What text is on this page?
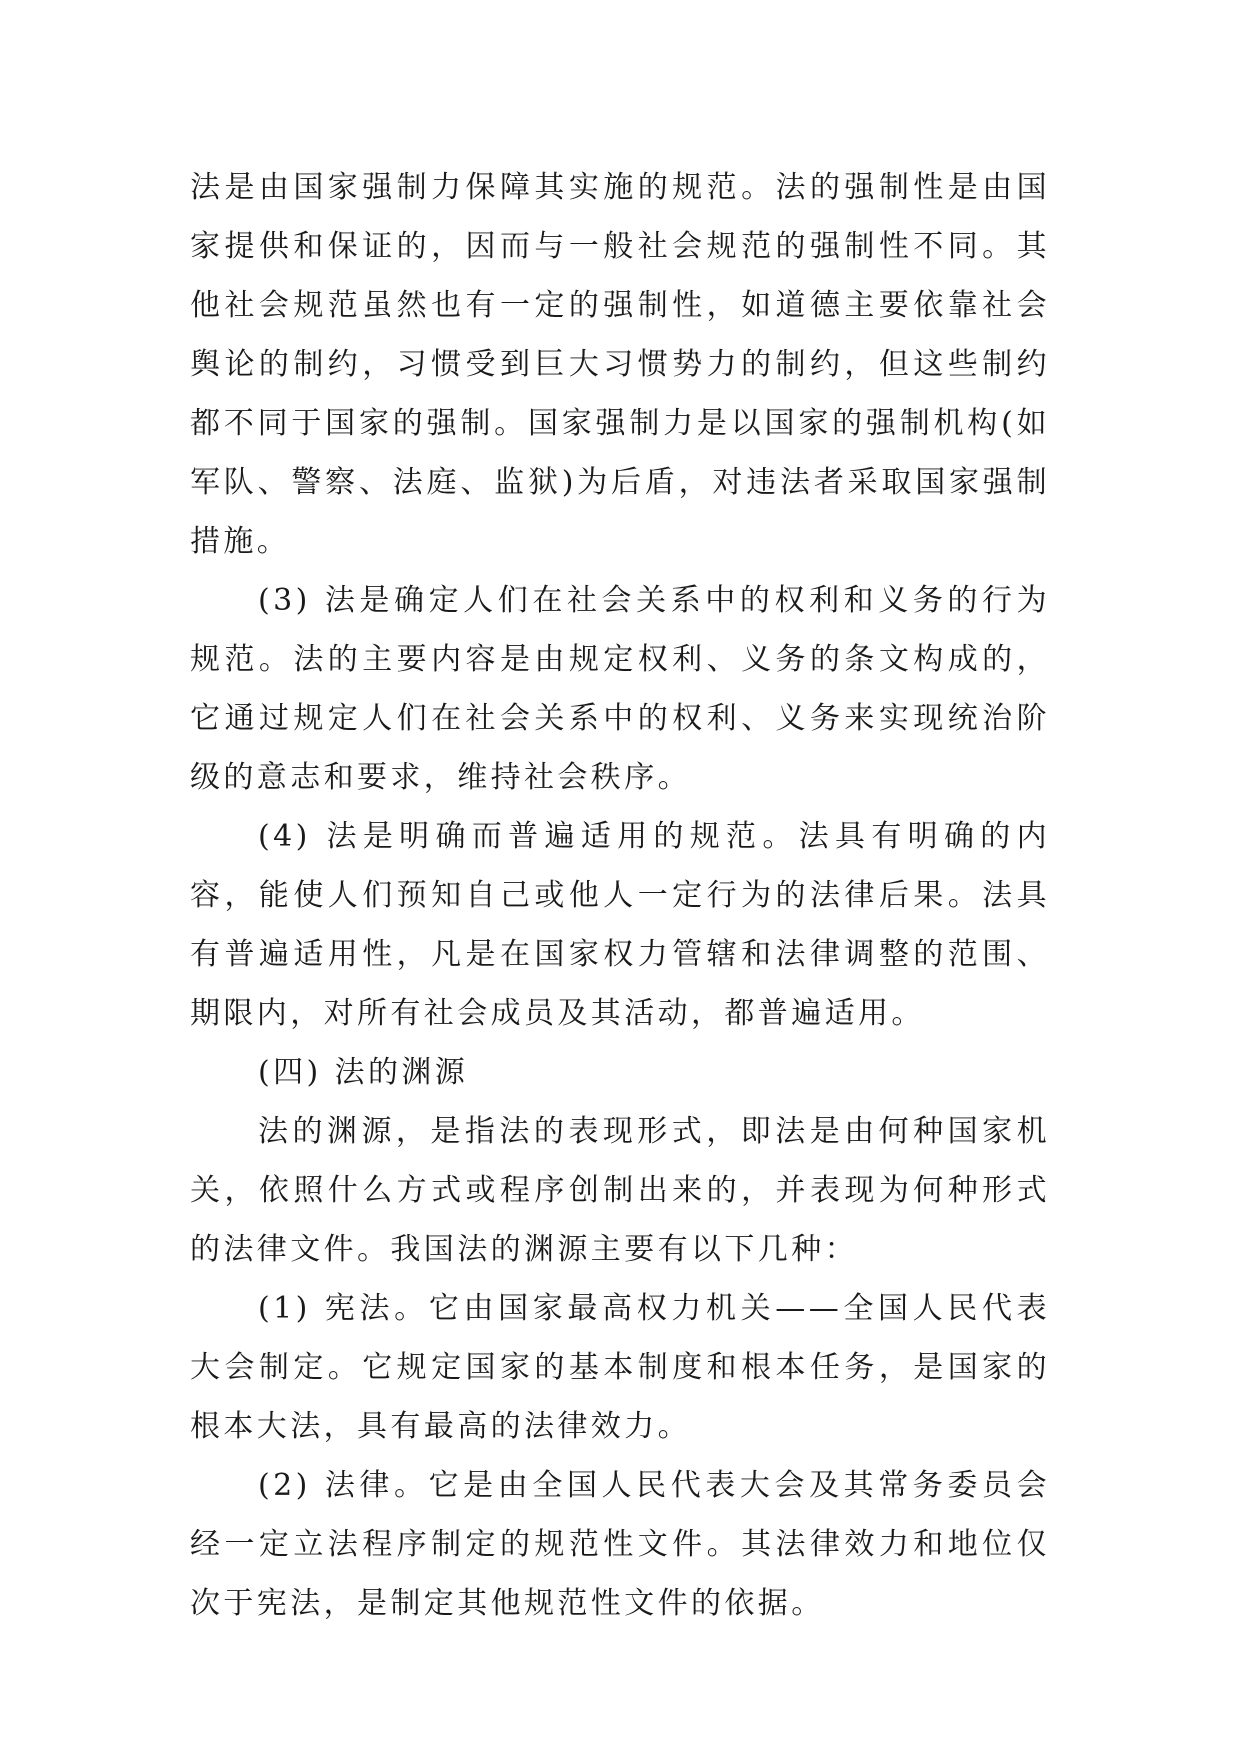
法是由国家强制力保障其实施的规范。法的强制性是由国家提供和保证的，因而与一般社会规范的强制性不同。其他社会规范虽然也有一定的强制性，如道德主要依靠社会舆论的制约，习惯受到巨大习惯势力的制约，但这些制约都不同于国家的强制。国家强制力是以国家的强制机构(如军队、警察、法庭、监狱)为后盾，对违法者采取国家强制措施。

(3) 法是确定人们在社会关系中的权利和义务的行为规范。法的主要内容是由规定权利、义务的条文构成的，它通过规定人们在社会关系中的权利、义务来实现统治阶级的意志和要求，维持社会秩序。

(4) 法是明确而普遍适用的规范。法具有明确的内容，能使人们预知自己或他人一定行为的法律后果。法具有普遍适用性，凡是在国家权力管辖和法律调整的范围、期限内，对所有社会成员及其活动，都普遍适用。

(四) 法的渊源

法的渊源，是指法的表现形式，即法是由何种国家机关，依照什么方式或程序创制出来的，并表现为何种形式的法律文件。我国法的渊源主要有以下几种：

(1) 宪法。它由国家最高权力机关——全国人民代表大会制定。它规定国家的基本制度和根本任务，是国家的根本大法，具有最高的法律效力。

(2) 法律。它是由全国人民代表大会及其常务委员会经一定立法程序制定的规范性文件。其法律效力和地位仅次于宪法，是制定其他规范性文件的依据。
